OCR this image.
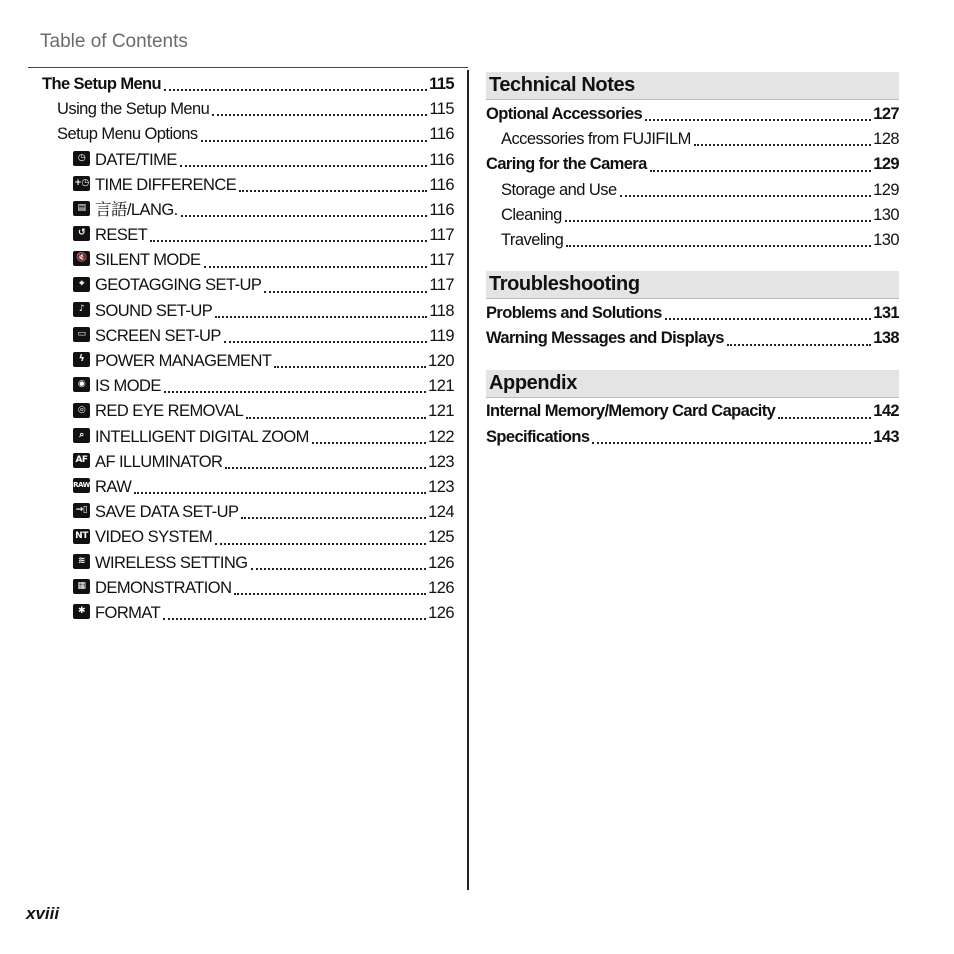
Table of Contents
The Setup Menu	115
Using the Setup Menu	115
Setup Menu Options	116
◷ DATE/TIME	116
+◷ TIME DIFFERENCE	116
▤ 言語/LANG.	116
↺ RESET	117
🔇 SILENT MODE	117
⌖ GEOTAGGING SET-UP	117
♪ SOUND SET-UP	118
▭ SCREEN SET-UP	119
ϟ POWER MANAGEMENT	120
◉ IS MODE	121
◎ RED EYE REMOVAL	121
⌕ INTELLIGENT DIGITAL ZOOM	122
AF AF ILLUMINATOR	123
RAW RAW	123
→▯ SAVE DATA SET-UP	124
NT VIDEO SYSTEM	125
≋ WIRELESS SETTING	126
▦ DEMONSTRATION	126
✱ FORMAT	126
Technical Notes
Optional Accessories	127
Accessories from FUJIFILM	128
Caring for the Camera	129
Storage and Use	129
Cleaning	130
Traveling	130
Troubleshooting
Problems and Solutions	131
Warning Messages and Displays	138
Appendix
Internal Memory/Memory Card Capacity	142
Specifications	143
xviii
